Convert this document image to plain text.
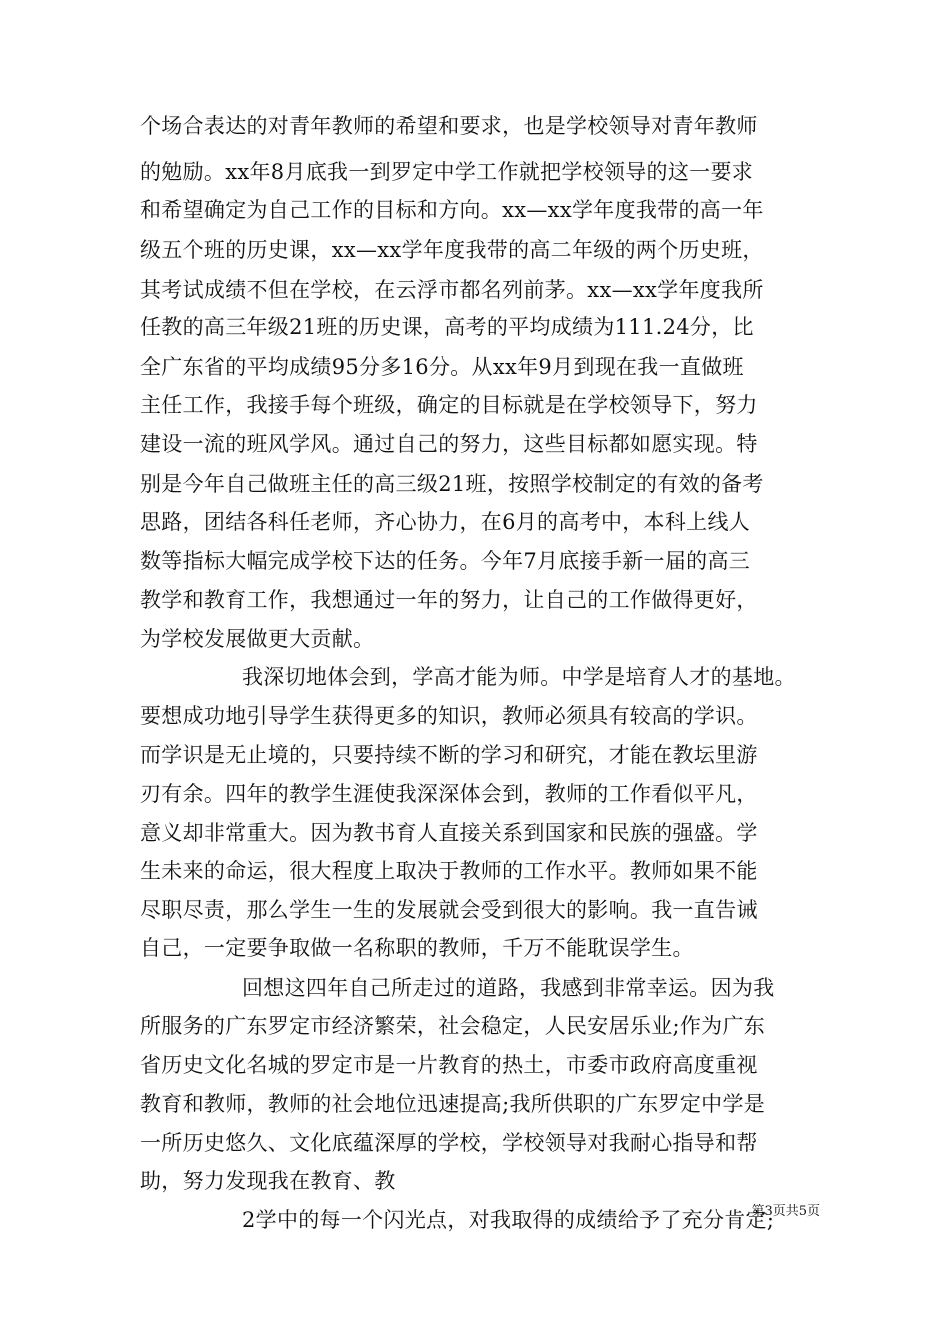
个场合表达的对青年教师的希望和要求，也是学校领导对青年教师
的勉励。xx年8月底我一到罗定中学工作就把学校领导的这一要求
和希望确定为自己工作的目标和方向。xx—xx学年度我带的高一年
级五个班的历史课，xx—xx学年度我带的高二年级的两个历史班，
其考试成绩不但在学校，在云浮市都名列前茅。xx—xx学年度我所
任教的高三年级21班的历史课，高考的平均成绩为111.24分，比
全广东省的平均成绩95分多16分。从xx年9月到现在我一直做班
主任工作，我接手每个班级，确定的目标就是在学校领导下，努力
建设一流的班风学风。通过自己的努力，这些目标都如愿实现。特
别是今年自己做班主任的高三级21班，按照学校制定的有效的备考
思路，团结各科任老师，齐心协力，在6月的高考中，本科上线人
数等指标大幅完成学校下达的任务。今年7月底接手新一届的高三
教学和教育工作，我想通过一年的努力，让自己的工作做得更好，
为学校发展做更大贡献。
我深切地体会到，学高才能为师。中学是培育人才的基地。
要想成功地引导学生获得更多的知识，教师必须具有较高的学识。
而学识是无止境的，只要持续不断的学习和研究，才能在教坛里游
刃有余。四年的教学生涯使我深深体会到，教师的工作看似平凡，
意义却非常重大。因为教书育人直接关系到国家和民族的强盛。学
生未来的命运，很大程度上取决于教师的工作水平。教师如果不能
尽职尽责，那么学生一生的发展就会受到很大的影响。我一直告诫
自己，一定要争取做一名称职的教师，千万不能耽误学生。
回想这四年自己所走过的道路，我感到非常幸运。因为我
所服务的广东罗定市经济繁荣，社会稳定，人民安居乐业;作为广东
省历史文化名城的罗定市是一片教育的热土，市委市政府高度重视
教育和教师，教师的社会地位迅速提高;我所供职的广东罗定中学是
一所历史悠久、文化底蕴深厚的学校，学校领导对我耐心指导和帮
助，努力发现我在教育、教
2学中的每一个闪光点，对我取得的成绩给予了充分肯定;
第3页共5页
